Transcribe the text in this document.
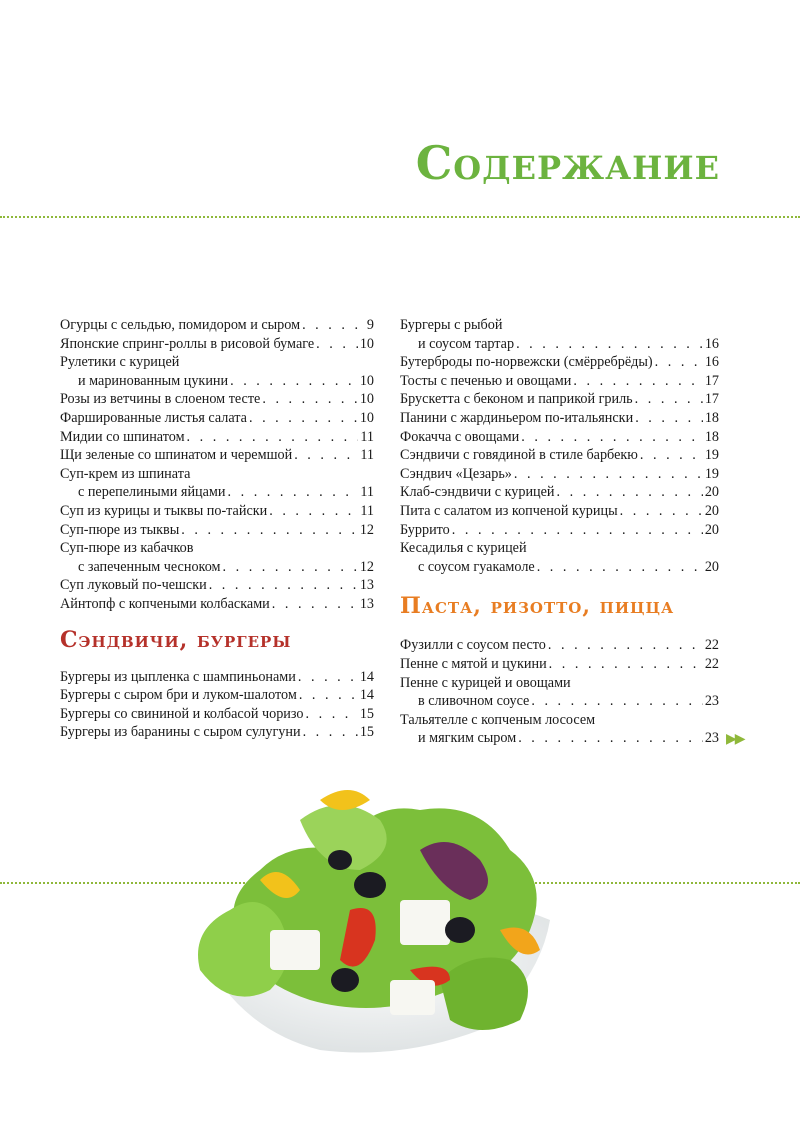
Содержание
Огурцы с сельдью, помидором и сыром . . .	9
Японские спринг-роллы в рисовой бумаге . . .	10
Рулетики с курицей
и маринованным цукини . . .	10
Розы из ветчины в слоеном тесте . . .	10
Фаршированные листья салата . . .	10
Мидии со шпинатом . . .	11
Щи зеленые со шпинатом и черемшой . . .	11
Суп-крем из шпината
с перепелиными яйцами . . .	11
Суп из курицы и тыквы по-тайски . . .	11
Суп-пюре из тыквы . . .	12
Суп-пюре из кабачков
с запеченным чесноком . . .	12
Суп луковый по-чешски . . .	13
Айнтопф с копчеными колбасками . . .	13
Сэндвичи, бургеры
Бургеры из цыпленка с шампиньонами . . .	14
Бургеры с сыром бри и луком-шалотом . . .	14
Бургеры со свининой и колбасой чоризо . . .	15
Бургеры из баранины с сыром сулугуни . . .	15
Бургеры с рыбой
и соусом тартар . . .	16
Бутерброды по-норвежски (смёрребрёды) . . .	16
Тосты с печенью и овощами . . .	17
Брускетта с беконом и паприкой гриль . . .	17
Панини с жардиньером по-итальянски . . .	18
Фокачча с овощами . . .	18
Сэндвичи с говядиной в стиле барбекю . . .	19
Сэндвич «Цезарь» . . .	19
Клаб-сэндвичи с курицей . . .	20
Пита с салатом из копченой курицы . . .	20
Буррито . . .	20
Кесадилья с курицей
с соусом гуакамоле . . .	20
Паста, ризотто, пицца
Фузилли с соусом песто . . .	22
Пенне с мятой и цукини . . .	22
Пенне с курицей и овощами
в сливочном соусе . . .	23
Тальятелле с копченым лососем
и мягким сыром . . .	23 ▶▶
